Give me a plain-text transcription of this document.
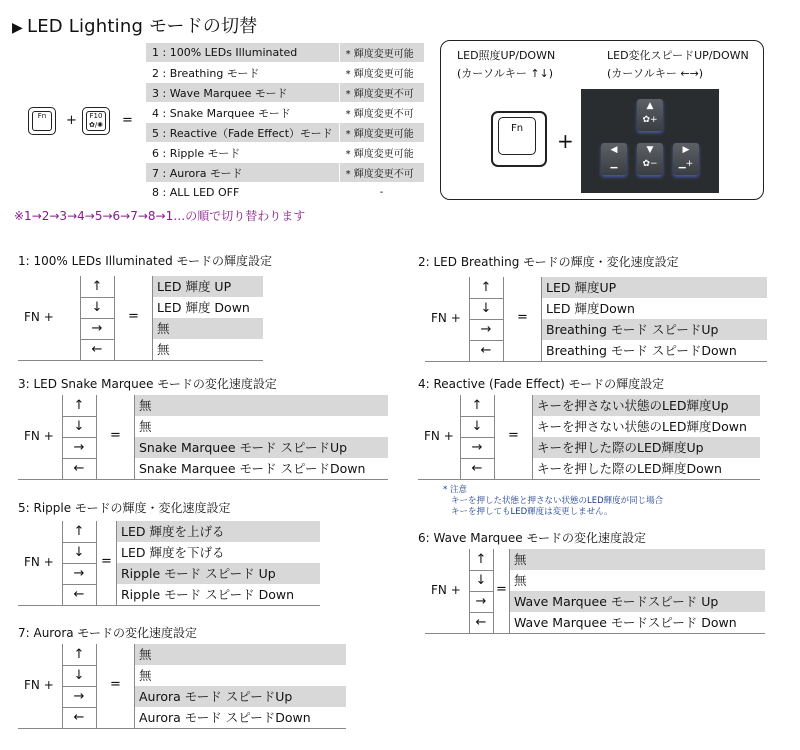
▶ LED Lighting モードの切替
Fn	+	F10
✿/✺ =
1 : 100% LEDs Illuminated	* 輝度変更可能
2 : Breathing モード	* 輝度変更可能
3 : Wave Marquee モード	* 輝度変更不可
4 : Snake Marquee モード	* 輝度変更不可
5 : Reactive（Fade Effect）モード	* 輝度変更可能
6 : Ripple モード	* 輝度変更可能
7 : Aurora モード	* 輝度変更不可
8 : ALL LED OFF	-
LED照度UP/DOWN
(カーソルキー ↑↓)
LED変化スピードUP/DOWN
(カーソルキー ←→)
Fn
+
▲
✿+
◀
▁
▼
✿−
▶
▁+
※1→2→3→4→5→6→7→8→1…の順で切り替わります
1: 100% LEDs Illuminated モードの輝度設定
FN +	=
↑	LED 輝度 UP
↓	LED 輝度 Down
→	無
←	無
2: LED Breathing モードの輝度・変化速度設定
FN +	=
↑	LED 輝度UP
↓	LED 輝度Down
→	Breathing モード スピードUp
←	Breathing モード スピードDown
3: LED Snake Marquee モードの変化速度設定
FN +	=
↑	無
↓	無
→	Snake Marquee モード スピードUp
←	Snake Marquee モード スピードDown
4: Reactive (Fade Effect) モードの輝度設定
FN +	=
↑	キーを押さない状態のLED輝度Up
↓	キーを押さない状態のLED輝度Down
→	キーを押した際のLED輝度Up
←	キーを押した際のLED輝度Down
5: Ripple モードの輝度・変化速度設定
FN +	=
↑	LED 輝度を上げる
↓	LED 輝度を下げる
→	Ripple モード スピード Up
←	Ripple モード スピード Down
6: Wave Marquee モードの変化速度設定
FN +	=
↑	無
↓	無
→	Wave Marquee モードスピード Up
←	Wave Marquee モードスピード Down
7: Aurora モードの変化速度設定
FN +	=
↑	無
↓	無
→	Aurora モード スピードUp
←	Aurora モード スピードDown
* 注意
キーを押した状態と押さない状態のLED輝度が同じ場合
キーを押してもLED輝度は変更しません。
